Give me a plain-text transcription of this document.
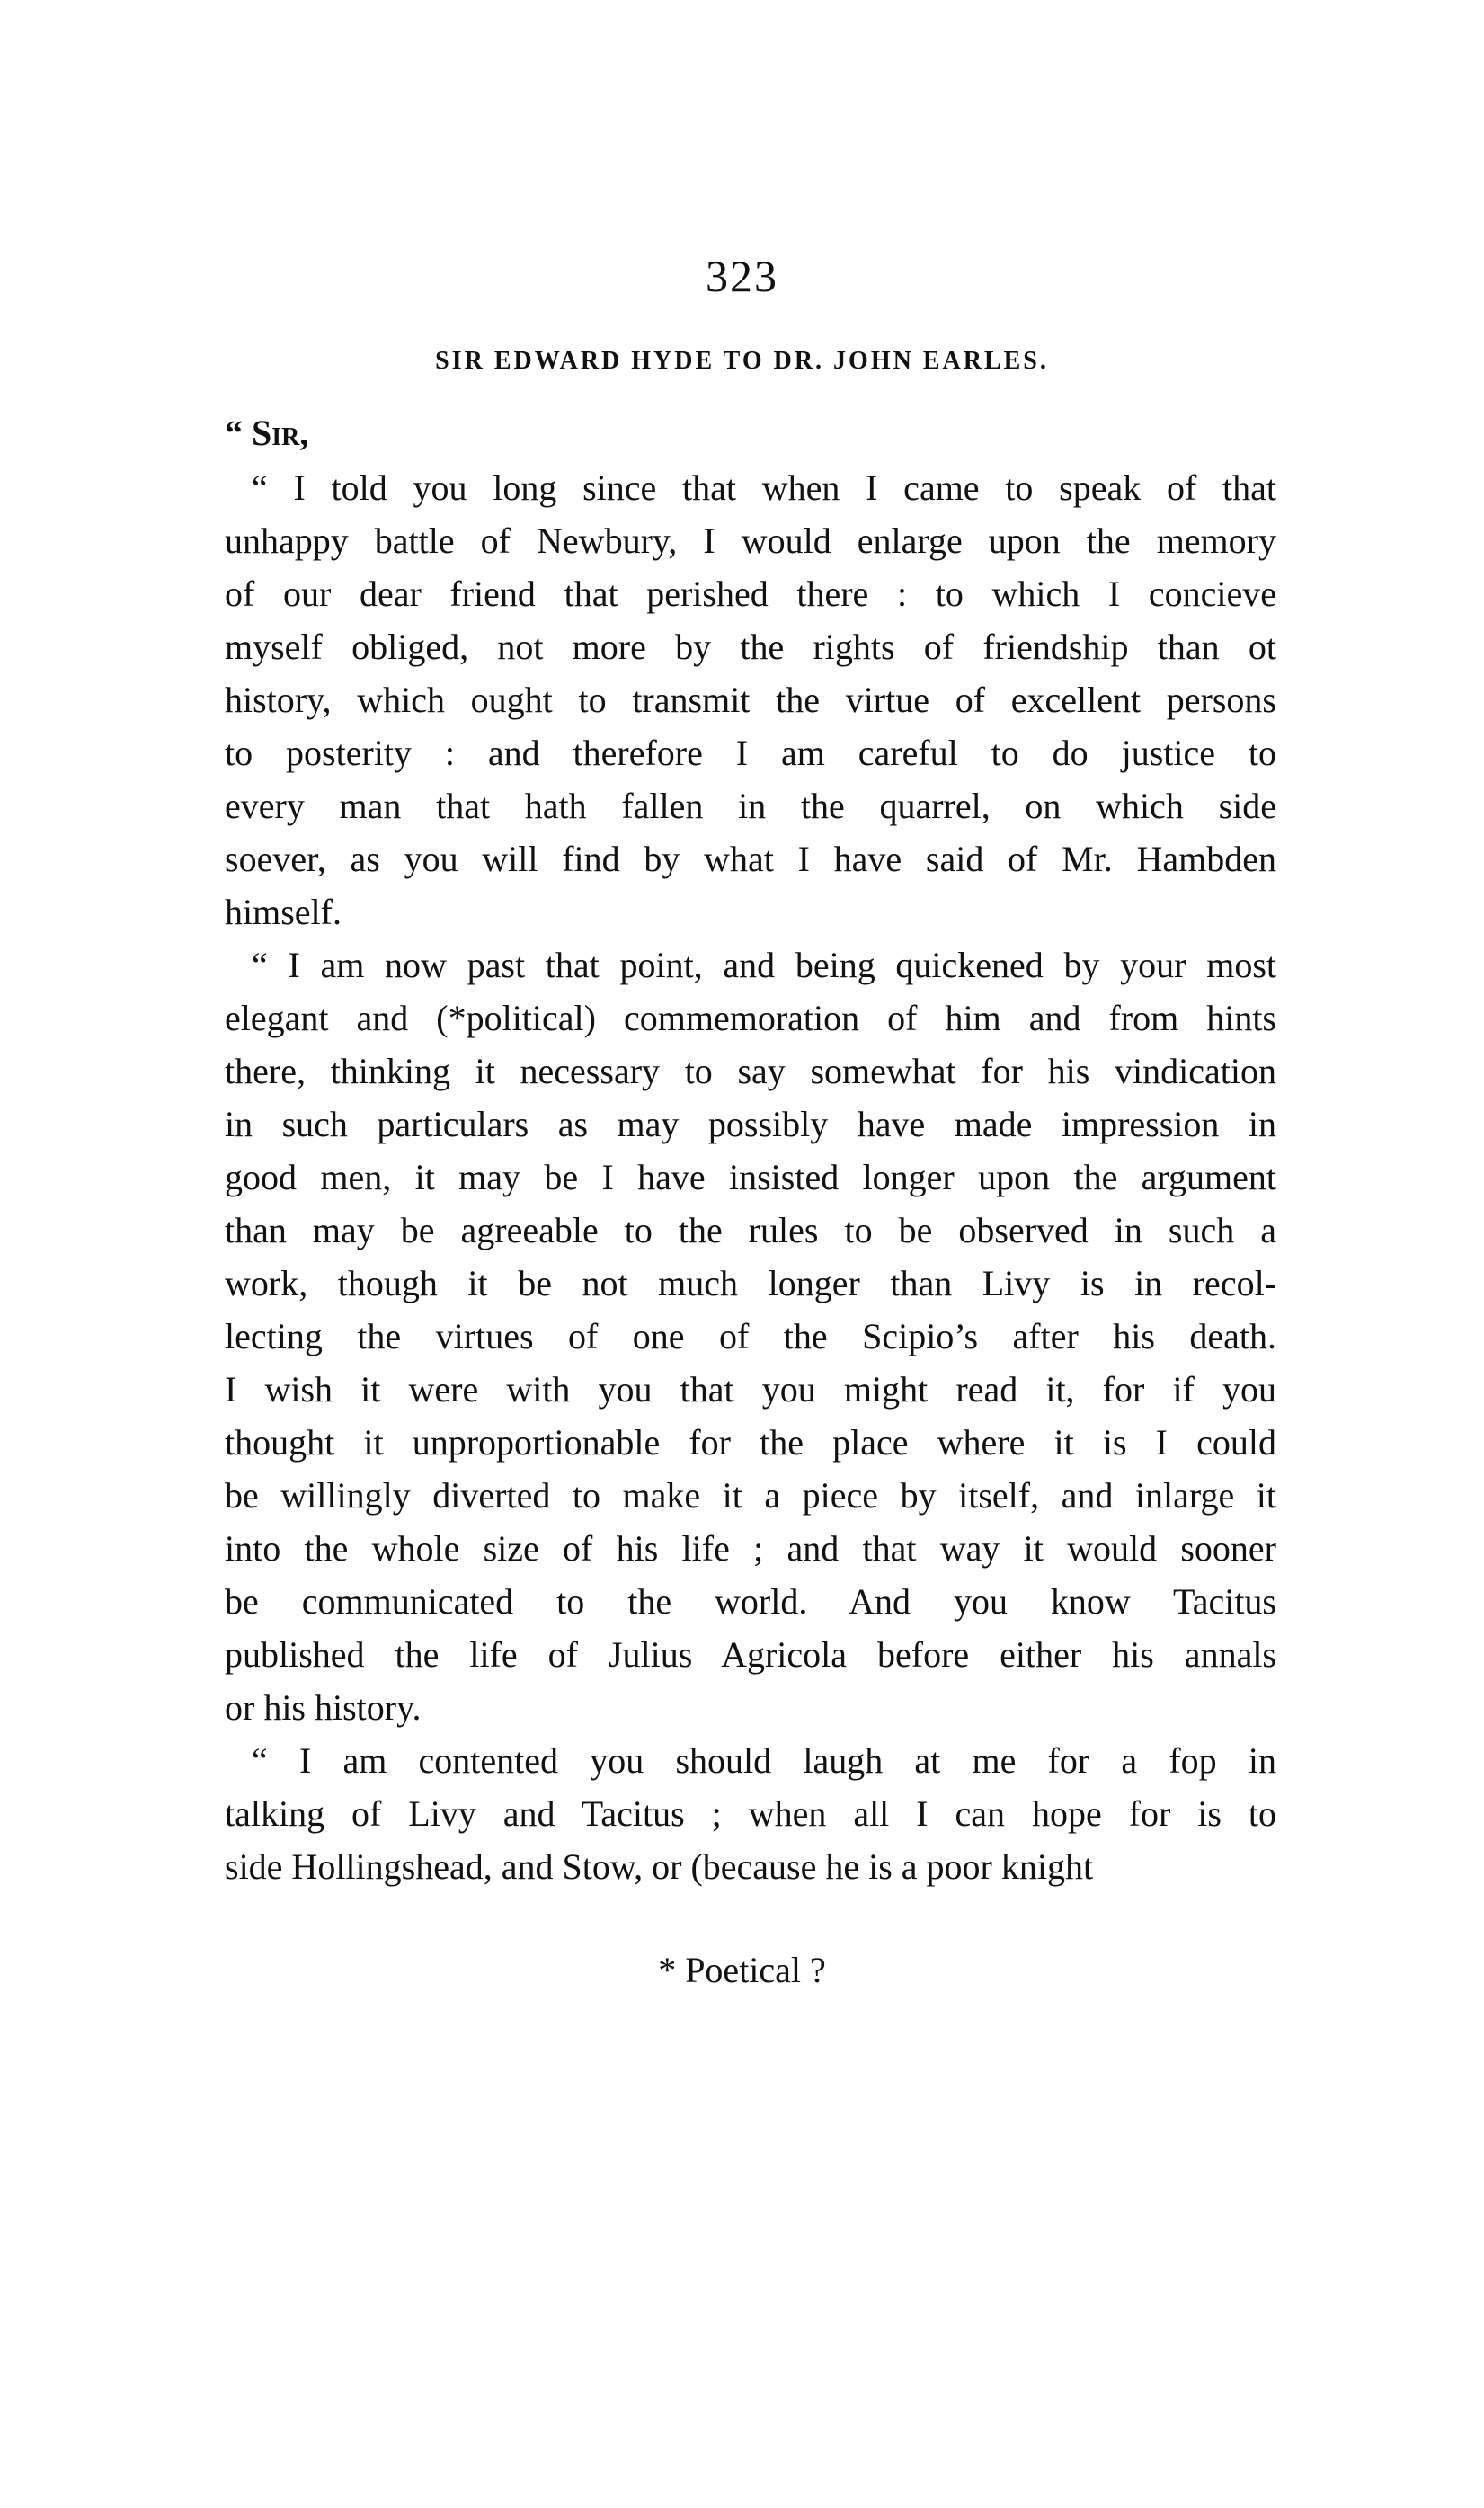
323
SIR EDWARD HYDE TO DR. JOHN EARLES.
“ Sir,
“ I told you long since that when I came to speak of that
unhappy battle of Newbury, I would enlarge upon the memory
of our dear friend that perished there : to which I concieve
myself obliged, not more by the rights of friendship than ot
history, which ought to transmit the virtue of excellent persons
to posterity : and therefore I am careful to do justice to
every man that hath fallen in the quarrel, on which side
soever, as you will find by what I have said of Mr. Hambden
himself.
“ I am now past that point, and being quickened by your most
elegant and (*political) commemoration of him and from hints
there, thinking it necessary to say somewhat for his vindication
in such particulars as may possibly have made impression in
good men, it may be I have insisted longer upon the argument
than may be agreeable to the rules to be observed in such a
work, though it be not much longer than Livy is in recol-
lecting the virtues of one of the Scipio’s after his death.
I wish it were with you that you might read it, for if you
thought it unproportionable for the place where it is I could
be willingly diverted to make it a piece by itself, and inlarge it
into the whole size of his life ; and that way it would sooner
be communicated to the world. And you know Tacitus
published the life of Julius Agricola before either his annals
or his history.
“ I am contented you should laugh at me for a fop in
talking of Livy and Tacitus ; when all I can hope for is to
side Hollingshead, and Stow, or (because he is a poor knight
* Poetical ?
